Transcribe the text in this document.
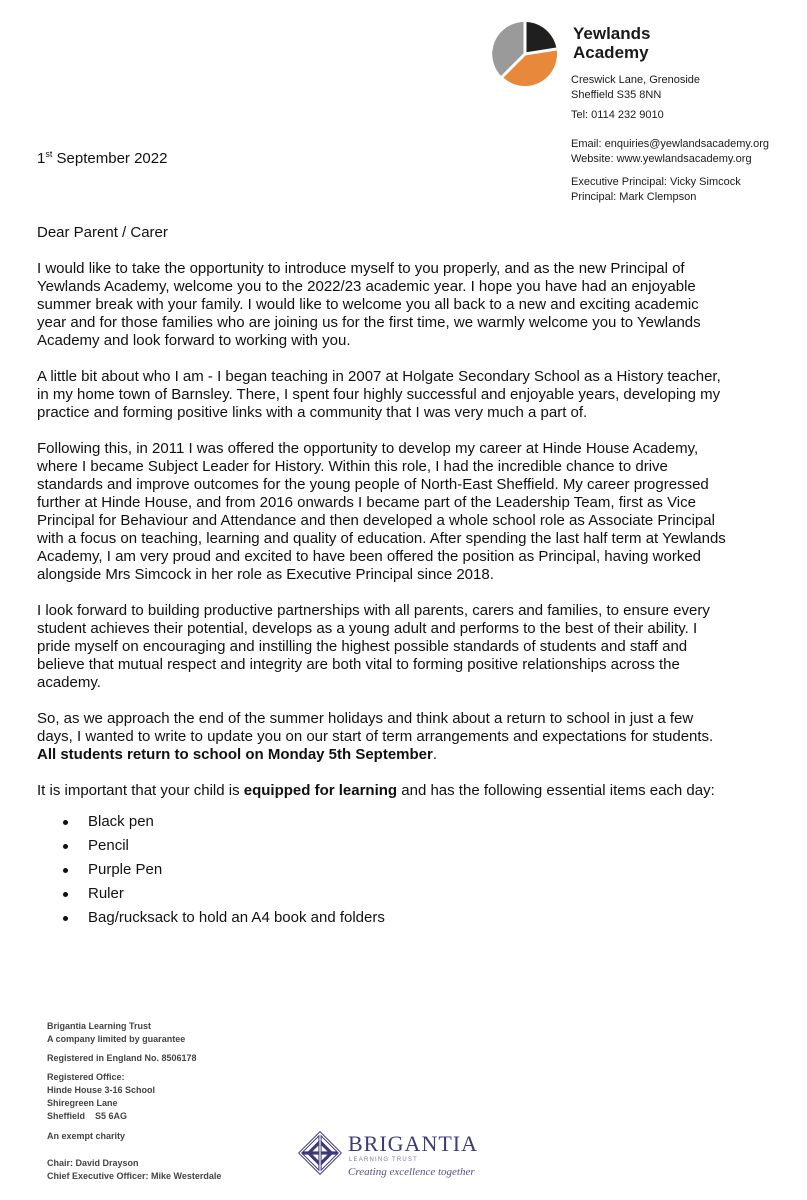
Yewlands
Academy
Creswick Lane, Grenoside
Sheffield S35 8NN
Tel: 0114 232 9010
Email: enquiries@yewlandsacademy.org
Website: www.yewlandsacademy.org
Executive Principal: Vicky Simcock
Principal: Mark Clempson
1st September 2022

Dear Parent / Carer

I would like to take the opportunity to introduce myself to you properly, and as the new Principal of Yewlands Academy, welcome you to the 2022/23 academic year. I hope you have had an enjoyable summer break with your family. I would like to welcome you all back to a new and exciting academic year and for those families who are joining us for the first time, we warmly welcome you to Yewlands Academy and look forward to working with you.

A little bit about who I am - I began teaching in 2007 at Holgate Secondary School as a History teacher, in my home town of Barnsley. There, I spent four highly successful and enjoyable years, developing my practice and forming positive links with a community that I was very much a part of.

Following this, in 2011 I was offered the opportunity to develop my career at Hinde House Academy, where I became Subject Leader for History. Within this role, I had the incredible chance to drive standards and improve outcomes for the young people of North-East Sheffield. My career progressed further at Hinde House, and from 2016 onwards I became part of the Leadership Team, first as Vice Principal for Behaviour and Attendance and then developed a whole school role as Associate Principal with a focus on teaching, learning and quality of education. After spending the last half term at Yewlands Academy, I am very proud and excited to have been offered the position as Principal, having worked alongside Mrs Simcock in her role as Executive Principal since 2018.

I look forward to building productive partnerships with all parents, carers and families, to ensure every student achieves their potential, develops as a young adult and performs to the best of their ability. I pride myself on encouraging and instilling the highest possible standards of students and staff and believe that mutual respect and integrity are both vital to forming positive relationships across the academy.

So, as we approach the end of the summer holidays and think about a return to school in just a few days, I wanted to write to update you on our start of term arrangements and expectations for students. All students return to school on Monday 5th September.

It is important that your child is equipped for learning and has the following essential items each day:

Black pen
Pencil
Purple Pen
Ruler
Bag/rucksack to hold an A4 book and folders
Brigantia Learning Trust
A company limited by guarantee
Registered in England No. 8506178
Registered Office:
Hinde House 3-16 School
Shiregreen Lane
Sheffield    S5 6AG
An exempt charity
Chair: David Drayson
Chief Executive Officer: Mike Westerdale
BRIGANTIA
LEARNING TRUST
Creating excellence together
